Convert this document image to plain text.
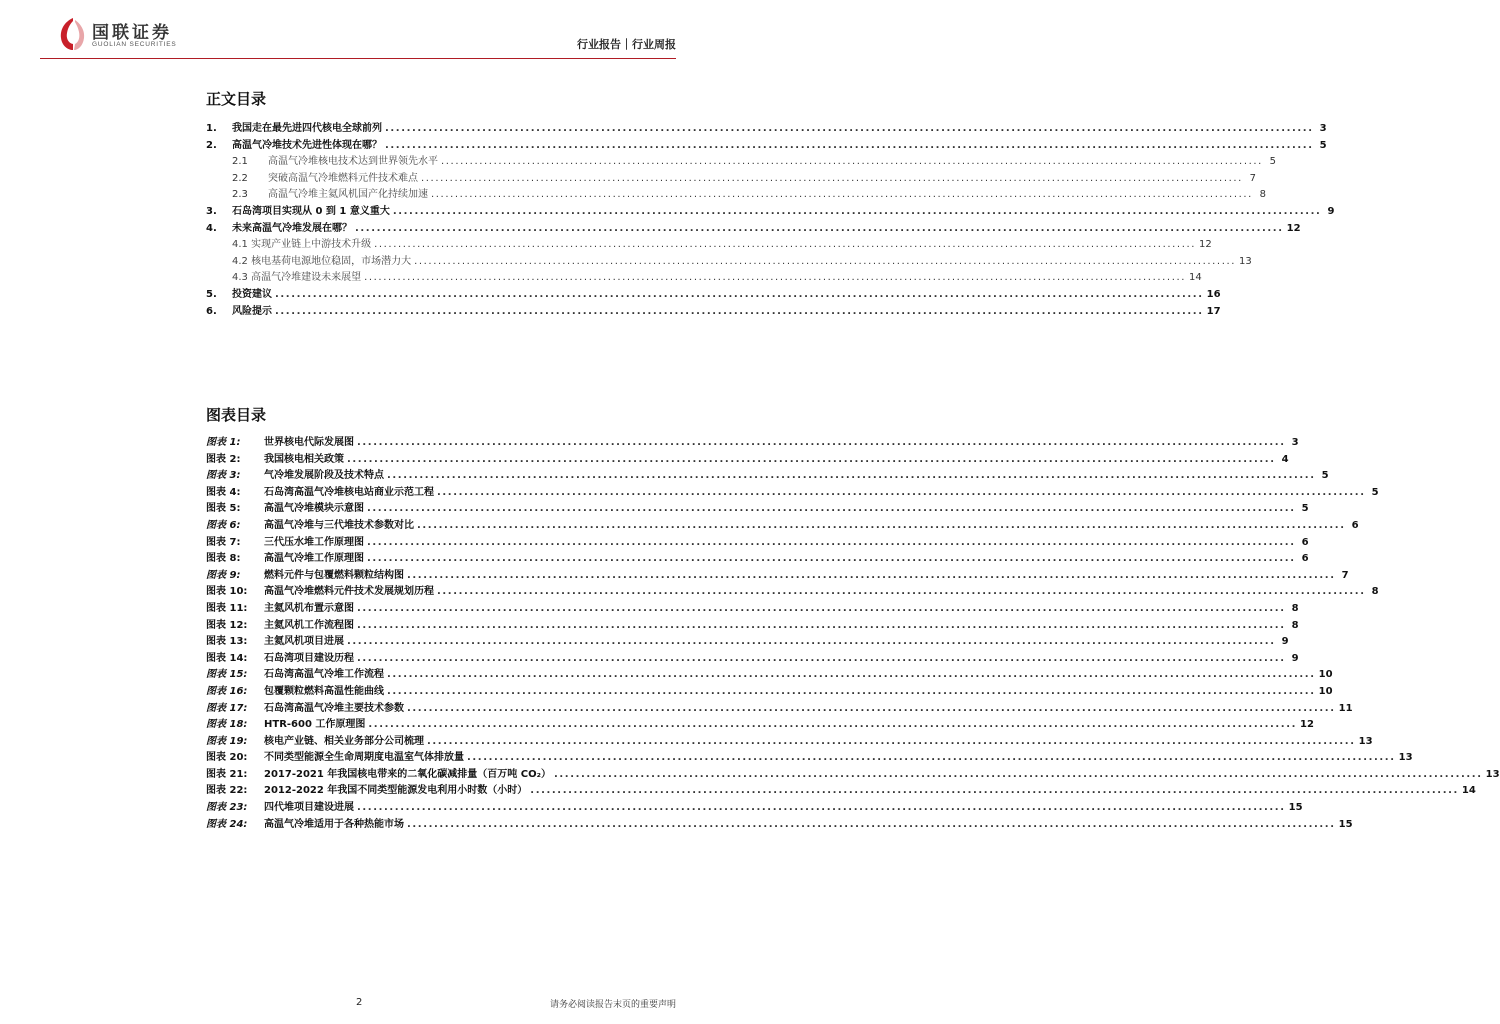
国联证券
GUOLIAN SECURITIES	行业报告｜行业周报
正文目录
1.	我国走在最先进四代核电全球前列 .....	3
2.	高温气冷堆技术先进性体现在哪？ .....	5
2.1	高温气冷堆核电技术达到世界领先水平 .....	5
2.2	突破高温气冷堆燃料元件技术难点 .....	7
2.3	高温气冷堆主氦风机国产化持续加速 .....	8
3.	石岛湾项目实现从 0 到 1 意义重大 .....	9
4.	未来高温气冷堆发展在哪？ .....	12
4.1 实现产业链上中游技术升级 .....	12
4.2 核电基荷电源地位稳固，市场潜力大 .....	13
4.3 高温气冷堆建设未来展望 .....	14
5.	投资建议 .....	16
6.	风险提示 .....	17
图表目录
图表 1:	世界核电代际发展图 .....	3
图表 2:	我国核电相关政策 .....	4
图表 3:	气冷堆发展阶段及技术特点 .....	5
图表 4:	石岛湾高温气冷堆核电站商业示范工程 .....	5
图表 5:	高温气冷堆模块示意图 .....	5
图表 6:	高温气冷堆与三代堆技术参数对比 .....	6
图表 7:	三代压水堆工作原理图 .....	6
图表 8:	高温气冷堆工作原理图 .....	6
图表 9:	燃料元件与包覆燃料颗粒结构图 .....	7
图表 10:	高温气冷堆燃料元件技术发展规划历程 .....	8
图表 11:	主氦风机布置示意图 .....	8
图表 12:	主氦风机工作流程图 .....	8
图表 13:	主氦风机项目进展 .....	9
图表 14:	石岛湾项目建设历程 .....	9
图表 15:	石岛湾高温气冷堆工作流程 .....	10
图表 16:	包覆颗粒燃料高温性能曲线 .....	10
图表 17:	石岛湾高温气冷堆主要技术参数 .....	11
图表 18:	HTR-600 工作原理图 .....	12
图表 19:	核电产业链、相关业务部分公司梳理 .....	13
图表 20:	不同类型能源全生命周期度电温室气体排放量 .....	13
图表 21:	2017-2021 年我国核电带来的二氧化碳减排量（百万吨 CO₂） .....	13
图表 22:	2012-2022 年我国不同类型能源发电利用小时数（小时） .....	14
图表 23:	四代堆项目建设进展 .....	15
图表 24:	高温气冷堆适用于各种热能市场 .....	15
2	请务必阅读报告末页的重要声明
